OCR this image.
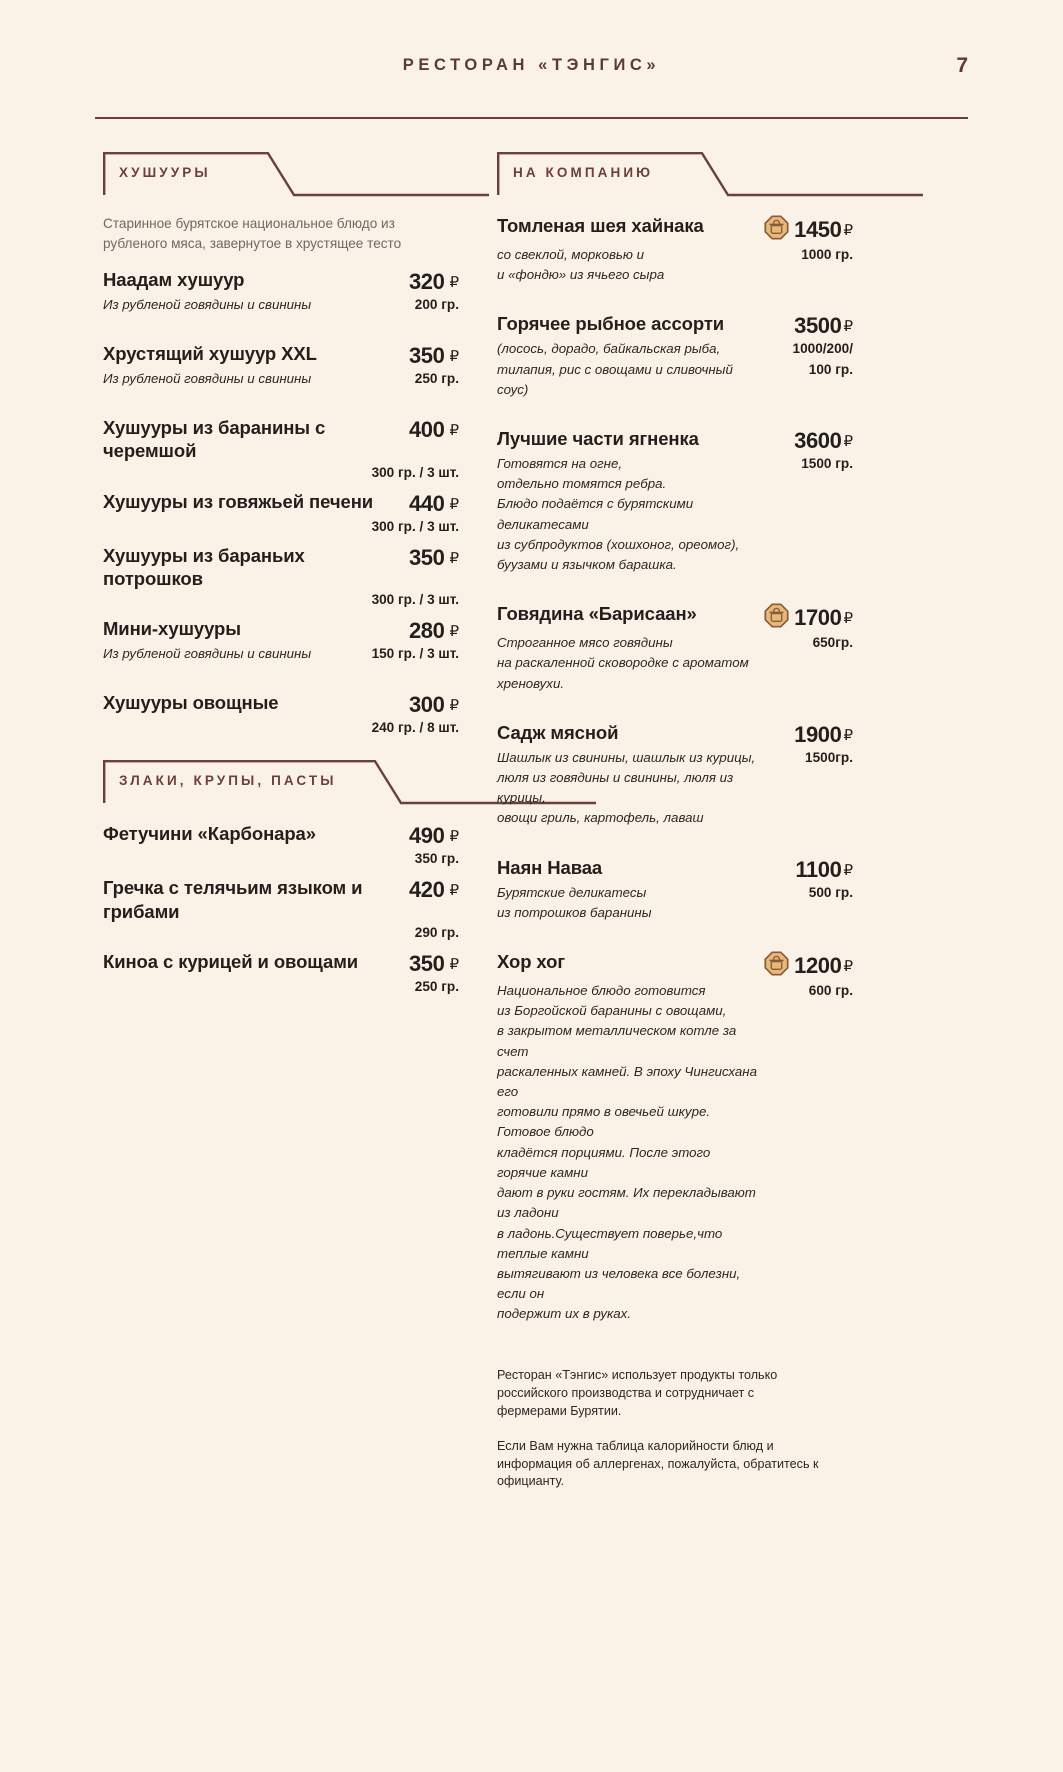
РЕСТОРАН «ТЭНГИС»	7
ХУШУУРЫ
Старинное бурятское национальное блюдо из рубленого мяса, завернутое в хрустящее тесто
Наадам хушуур	320 ₽
Из рубленой говядины и свинины	200 гр.
Хрустящий хушуур XXL	350 ₽
Из рубленой говядины и свинины	250 гр.
Хушууры из баранины с черемшой
400 ₽
300 гр. / 3 шт.
Хушууры из говяжьей печени 440 ₽
300 гр. / 3 шт.
Хушууры из бараньих потрошков
350 ₽
300 гр. / 3 шт.
Мини-хушууры	280 ₽
Из рубленой говядины и свинины	150 гр. / 3 шт.
Хушууры овощные	300 ₽
240 гр. / 8 шт.
ЗЛАКИ, КРУПЫ, ПАСТЫ
Фетучини «Карбонара»	490 ₽
350 гр.
Гречка с телячьим языком и грибами
420 ₽
290 гр.
Киноа с курицей и овощами 350 ₽
250 гр.
НА КОМПАНИЮ
Томленая шея хайнака	1450 ₽
со свеклой, морковью и
и «фондю» из ячьего сыра
1000 гр.
Горячее рыбное ассорти	3500 ₽
(лосось, дорадо, байкальская рыба,
тилапия, рис с овощами и сливочный соус)
1000/200/
100 гр.
Лучшие части ягненка	3600 ₽
Готовятся на огне,
отдельно томятся ребра.
Блюдо подаётся с бурятскими деликатесами
из субпродуктов (хошхоног, ореомог),
буузами и язычком барашка.
1500 гр.
Говядина «Барисаан»	1700 ₽
Строганное мясо говядины
на раскаленной сковородке с ароматом хреновухи.
650гр.
Садж мясной	1900 ₽
Шашлык из свинины, шашлык из курицы,
люля из говядины и свинины, люля из курицы,
овощи гриль, картофель, лаваш
1500гр.
Наян Наваа	1100 ₽
Бурятские деликатесы
из потрошков баранины
500 гр.
Хор хог	1200 ₽
Национальное блюдо готовится
из Боргойской баранины с овощами,
в закрытом металлическом котле за счет
раскаленных камней. В эпоху Чингисхана его
готовили прямо в овечьей шкуре. Готовое блюдо
кладётся порциями. После этого горячие камни
дают в руки гостям. Их перекладывают из ладони
в ладонь.Существует поверье,что теплые камни
вытягивают из человека все болезни, если он
подержит их в руках.
600 гр.

Ресторан «Тэнгис» использует продукты только российского производства и сотрудничает с фермерами Бурятии.

Если Вам нужна таблица калорийности блюд и информация об аллергенах, пожалуйста, обратитесь к официанту.
